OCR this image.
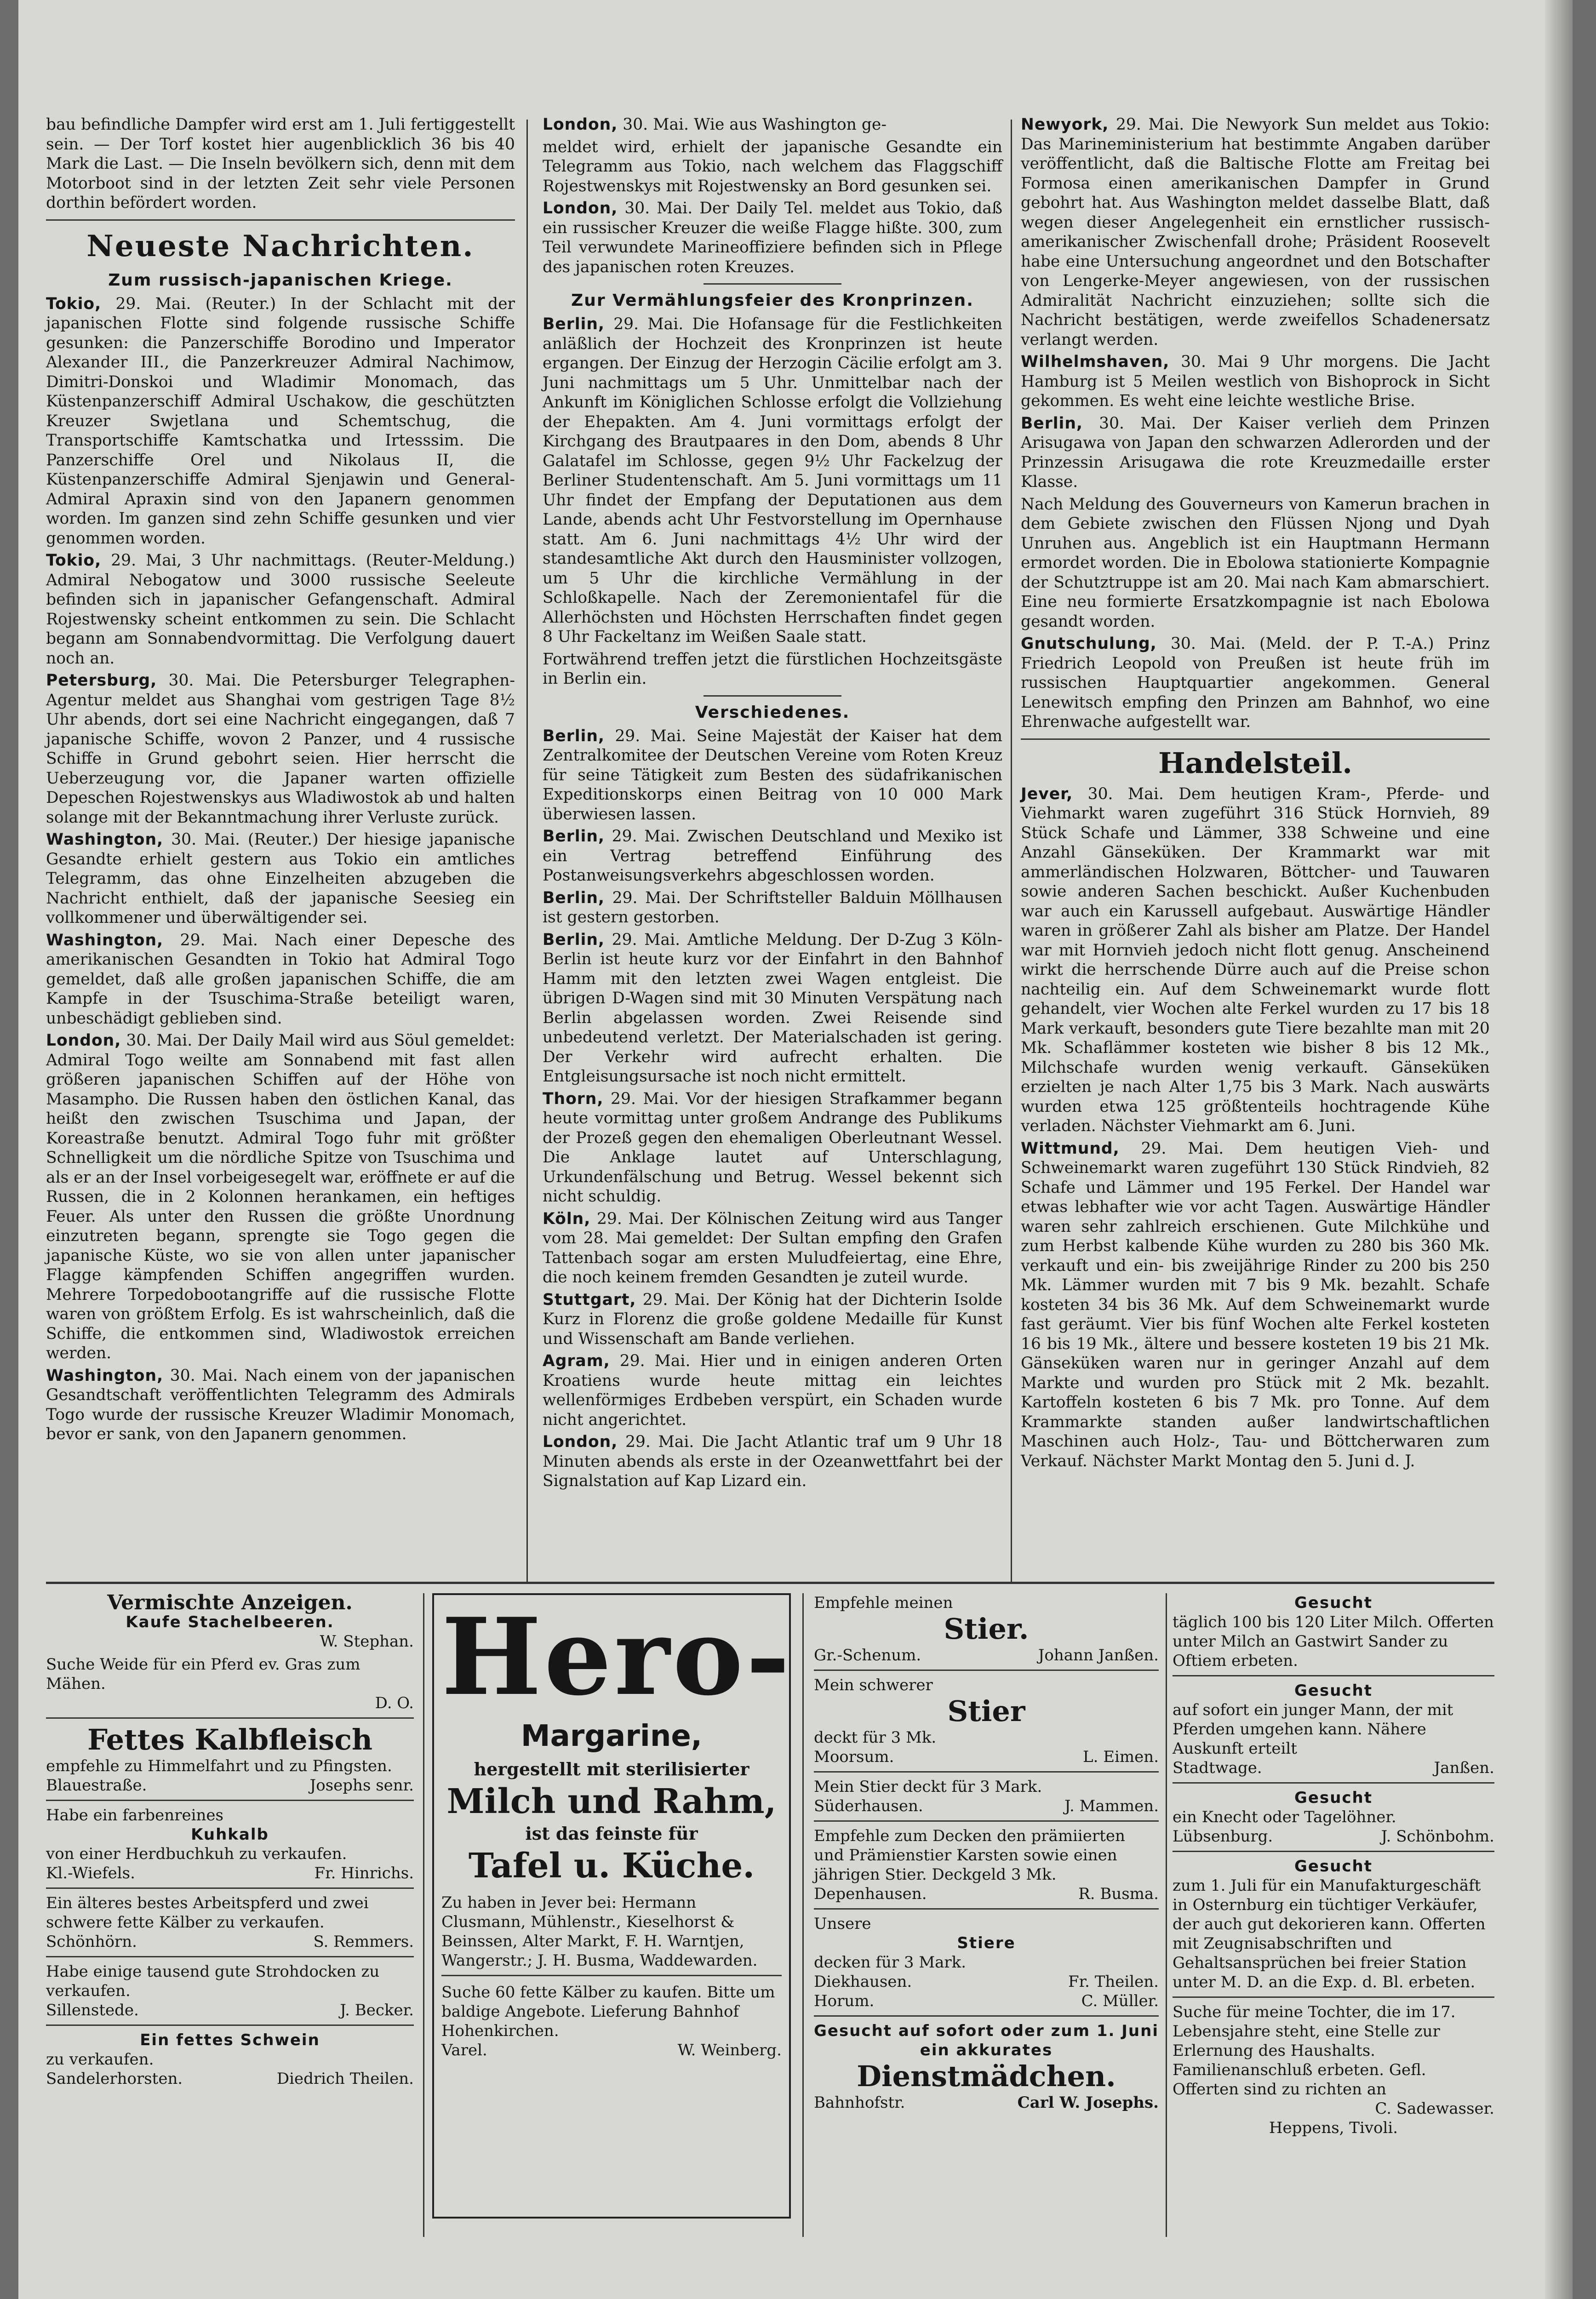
bau befindliche Dampfer wird erst am 1. Juli fertiggestellt sein. — Der Torf kostet hier augenblicklich 36 bis 40 Mark die Last. — Die Inseln bevölkern sich, denn mit dem Motorboot sind in der letzten Zeit sehr viele Personen dorthin befördert worden.

Neueste Nachrichten.
Zum russisch-japanischen Kriege.

Tokio, 29. Mai. (Reuter.) In der Schlacht mit der japanischen Flotte sind folgende russische Schiffe gesunken: die Panzerschiffe Borodino und Imperator Alexander III., die Panzerkreuzer Admiral Nachimow, Dimitri-Donskoi und Wladimir Monomach, das Küstenpanzerschiff Admiral Uschakow, die geschützten Kreuzer Swjetlana und Schemtschug, die Transportschiffe Kamtschatka und Irtesssim. Die Panzerschiffe Orel und Nikolaus II, die Küstenpanzerschiffe Admiral Sjenjawin und General-Admiral Apraxin sind von den Japanern genommen worden. Im ganzen sind zehn Schiffe gesunken und vier genommen worden.

Tokio, 29. Mai, 3 Uhr nachmittags. (Reuter-Meldung.) Admiral Nebogatow und 3000 russische Seeleute befinden sich in japanischer Gefangenschaft. Admiral Rojestwensky scheint entkommen zu sein. Die Schlacht begann am Sonnabendvormittag. Die Verfolgung dauert noch an.

Petersburg, 30. Mai. Die Petersburger Telegraphen-Agentur meldet aus Shanghai vom gestrigen Tage 8½ Uhr abends, dort sei eine Nachricht eingegangen, daß 7 japanische Schiffe, wovon 2 Panzer, und 4 russische Schiffe in Grund gebohrt seien. Hier herrscht die Ueberzeugung vor, die Japaner warten offizielle Depeschen Rojestwenskys aus Wladiwostok ab und halten solange mit der Bekanntmachung ihrer Verluste zurück.

Washington, 30. Mai. (Reuter.) Der hiesige japanische Gesandte erhielt gestern aus Tokio ein amtliches Telegramm, das ohne Einzelheiten abzugeben die Nachricht enthielt, daß der japanische Seesieg ein vollkommener und überwältigender sei.

Washington, 29. Mai. Nach einer Depesche des amerikanischen Gesandten in Tokio hat Admiral Togo gemeldet, daß alle großen japanischen Schiffe, die am Kampfe in der Tsuschima-Straße beteiligt waren, unbeschädigt geblieben sind.

London, 30. Mai. Der Daily Mail wird aus Söul gemeldet: Admiral Togo weilte am Sonnabend mit fast allen größeren japanischen Schiffen auf der Höhe von Masampho. Die Russen haben den östlichen Kanal, das heißt den zwischen Tsuschima und Japan, der Koreastraße benutzt. Admiral Togo fuhr mit größter Schnelligkeit um die nördliche Spitze von Tsuschima und als er an der Insel vorbeigesegelt war, eröffnete er auf die Russen, die in 2 Kolonnen herankamen, ein heftiges Feuer. Als unter den Russen die größte Unordnung einzutreten begann, sprengte sie Togo gegen die japanische Küste, wo sie von allen unter japanischer Flagge kämpfenden Schiffen angegriffen wurden. Mehrere Torpedobootangriffe auf die russische Flotte waren von größtem Erfolg. Es ist wahrscheinlich, daß die Schiffe, die entkommen sind, Wladiwostok erreichen werden.

Washington, 30. Mai. Nach einem von der japanischen Gesandtschaft veröffentlichten Telegramm des Admirals Togo wurde der russische Kreuzer Wladimir Monomach, bevor er sank, von den Japanern genommen.

London, 30. Mai. Wie aus Washington ge-

meldet wird, erhielt der japanische Gesandte ein Telegramm aus Tokio, nach welchem das Flaggschiff Rojestwenskys mit Rojestwensky an Bord gesunken sei.

London, 30. Mai. Der Daily Tel. meldet aus Tokio, daß ein russischer Kreuzer die weiße Flagge hißte. 300, zum Teil verwundete Marineoffiziere befinden sich in Pflege des japanischen roten Kreuzes.

Zur Vermählungsfeier des Kronprinzen.

Berlin, 29. Mai. Die Hofansage für die Festlichkeiten anläßlich der Hochzeit des Kronprinzen ist heute ergangen. Der Einzug der Herzogin Cäcilie erfolgt am 3. Juni nachmittags um 5 Uhr. Unmittelbar nach der Ankunft im Königlichen Schlosse erfolgt die Vollziehung der Ehepakten. Am 4. Juni vormittags erfolgt der Kirchgang des Brautpaares in den Dom, abends 8 Uhr Galatafel im Schlosse, gegen 9½ Uhr Fackelzug der Berliner Studentenschaft. Am 5. Juni vormittags um 11 Uhr findet der Empfang der Deputationen aus dem Lande, abends acht Uhr Festvorstellung im Opernhause statt. Am 6. Juni nachmittags 4½ Uhr wird der standesamtliche Akt durch den Hausminister vollzogen, um 5 Uhr die kirchliche Vermählung in der Schloßkapelle. Nach der Zeremonientafel für die Allerhöchsten und Höchsten Herrschaften findet gegen 8 Uhr Fackeltanz im Weißen Saale statt.

Fortwährend treffen jetzt die fürstlichen Hochzeitsgäste in Berlin ein.

Verschiedenes.

Berlin, 29. Mai. Seine Majestät der Kaiser hat dem Zentralkomitee der Deutschen Vereine vom Roten Kreuz für seine Tätigkeit zum Besten des südafrikanischen Expeditionskorps einen Beitrag von 10 000 Mark überwiesen lassen.

Berlin, 29. Mai. Zwischen Deutschland und Mexiko ist ein Vertrag betreffend Einführung des Postanweisungsverkehrs abgeschlossen worden.

Berlin, 29. Mai. Der Schriftsteller Balduin Möllhausen ist gestern gestorben.

Berlin, 29. Mai. Amtliche Meldung. Der D-Zug 3 Köln-Berlin ist heute kurz vor der Einfahrt in den Bahnhof Hamm mit den letzten zwei Wagen entgleist. Die übrigen D-Wagen sind mit 30 Minuten Verspätung nach Berlin abgelassen worden. Zwei Reisende sind unbedeutend verletzt. Der Materialschaden ist gering. Der Verkehr wird aufrecht erhalten. Die Entgleisungsursache ist noch nicht ermittelt.

Thorn, 29. Mai. Vor der hiesigen Strafkammer begann heute vormittag unter großem Andrange des Publikums der Prozeß gegen den ehemaligen Oberleutnant Wessel. Die Anklage lautet auf Unterschlagung, Urkundenfälschung und Betrug. Wessel bekennt sich nicht schuldig.

Köln, 29. Mai. Der Kölnischen Zeitung wird aus Tanger vom 28. Mai gemeldet: Der Sultan empfing den Grafen Tattenbach sogar am ersten Muludfeiertag, eine Ehre, die noch keinem fremden Gesandten je zuteil wurde.

Stuttgart, 29. Mai. Der König hat der Dichterin Isolde Kurz in Florenz die große goldene Medaille für Kunst und Wissenschaft am Bande verliehen.

Agram, 29. Mai. Hier und in einigen anderen Orten Kroatiens wurde heute mittag ein leichtes wellenförmiges Erdbeben verspürt, ein Schaden wurde nicht angerichtet.

London, 29. Mai. Die Jacht Atlantic traf um 9 Uhr 18 Minuten abends als erste in der Ozeanwettfahrt bei der Signalstation auf Kap Lizard ein.

Newyork, 29. Mai. Die Newyork Sun meldet aus Tokio: Das Marineministerium hat bestimmte Angaben darüber veröffentlicht, daß die Baltische Flotte am Freitag bei Formosa einen amerikanischen Dampfer in Grund gebohrt hat. Aus Washington meldet dasselbe Blatt, daß wegen dieser Angelegenheit ein ernstlicher russisch-amerikanischer Zwischenfall drohe; Präsident Roosevelt habe eine Untersuchung angeordnet und den Botschafter von Lengerke-Meyer angewiesen, von der russischen Admiralität Nachricht einzuziehen; sollte sich die Nachricht bestätigen, werde zweifellos Schadenersatz verlangt werden.

Wilhelmshaven, 30. Mai 9 Uhr morgens. Die Jacht Hamburg ist 5 Meilen westlich von Bishoprock in Sicht gekommen. Es weht eine leichte westliche Brise.

Berlin, 30. Mai. Der Kaiser verlieh dem Prinzen Arisugawa von Japan den schwarzen Adlerorden und der Prinzessin Arisugawa die rote Kreuzmedaille erster Klasse.

Nach Meldung des Gouverneurs von Kamerun brachen in dem Gebiete zwischen den Flüssen Njong und Dyah Unruhen aus. Angeblich ist ein Hauptmann Hermann ermordet worden. Die in Ebolowa stationierte Kompagnie der Schutztruppe ist am 20. Mai nach Kam abmarschiert. Eine neu formierte Ersatzkompagnie ist nach Ebolowa gesandt worden.

Gnutschulung, 30. Mai. (Meld. der P. T.-A.) Prinz Friedrich Leopold von Preußen ist heute früh im russischen Hauptquartier angekommen. General Lenewitsch empfing den Prinzen am Bahnhof, wo eine Ehrenwache aufgestellt war.

Handelsteil.

Jever, 30. Mai. Dem heutigen Kram-, Pferde- und Viehmarkt waren zugeführt 316 Stück Hornvieh, 89 Stück Schafe und Lämmer, 338 Schweine und eine Anzahl Gänseküken. Der Krammarkt war mit ammerländischen Holzwaren, Böttcher- und Tauwaren sowie anderen Sachen beschickt. Außer Kuchenbuden war auch ein Karussell aufgebaut. Auswärtige Händler waren in größerer Zahl als bisher am Platze. Der Handel war mit Hornvieh jedoch nicht flott genug. Anscheinend wirkt die herrschende Dürre auch auf die Preise schon nachteilig ein. Auf dem Schweinemarkt wurde flott gehandelt, vier Wochen alte Ferkel wurden zu 17 bis 18 Mark verkauft, besonders gute Tiere bezahlte man mit 20 Mk. Schaflämmer kosteten wie bisher 8 bis 12 Mk., Milchschafe wurden wenig verkauft. Gänseküken erzielten je nach Alter 1,75 bis 3 Mark. Nach auswärts wurden etwa 125 größtenteils hochtragende Kühe verladen. Nächster Viehmarkt am 6. Juni.

Wittmund, 29. Mai. Dem heutigen Vieh- und Schweinemarkt waren zugeführt 130 Stück Rindvieh, 82 Schafe und Lämmer und 195 Ferkel. Der Handel war etwas lebhafter wie vor acht Tagen. Auswärtige Händler waren sehr zahlreich erschienen. Gute Milchkühe und zum Herbst kalbende Kühe wurden zu 280 bis 360 Mk. verkauft und ein- bis zweijährige Rinder zu 200 bis 250 Mk. Lämmer wurden mit 7 bis 9 Mk. bezahlt. Schafe kosteten 34 bis 36 Mk. Auf dem Schweinemarkt wurde fast geräumt. Vier bis fünf Wochen alte Ferkel kosteten 16 bis 19 Mk., ältere und bessere kosteten 19 bis 21 Mk. Gänseküken waren nur in geringer Anzahl auf dem Markte und wurden pro Stück mit 2 Mk. bezahlt. Kartoffeln kosteten 6 bis 7 Mk. pro Tonne. Auf dem Krammarkte standen außer landwirtschaftlichen Maschinen auch Holz-, Tau- und Böttcherwaren zum Verkauf. Nächster Markt Montag den 5. Juni d. J.

Vermischte Anzeigen.
Kaufe Stachelbeeren.
W. Stephan.
Suche Weide für ein Pferd ev. Gras zum Mähen.
D. O.
Fettes Kalbfleisch
empfehle zu Himmelfahrt und zu Pfingsten.
Blauestraße.	Josephs senr.
Habe ein farbenreines
Kuhkalb
von einer Herdbuchkuh zu verkaufen.
Kl.-Wiefels.	Fr. Hinrichs.
Ein älteres bestes Arbeitspferd und zwei schwere fette Kälber zu verkaufen.
Schönhörn.	S. Remmers.
Habe einige tausend gute Strohdocken zu verkaufen.
Sillenstede.	J. Becker.
Ein fettes Schwein
zu verkaufen.
Sandelerhorsten.	Diedrich Theilen.
Hero-
Margarine,
hergestellt mit sterilisierter
Milch und Rahm,
ist das feinste für
Tafel u. Küche.
Zu haben in Jever bei: Hermann Clusmann, Mühlenstr., Kieselhorst & Beinssen, Alter Markt, F. H. Warntjen, Wangerstr.; J. H. Busma, Waddewarden.
Suche 60 fette Kälber zu kaufen. Bitte um baldige Angebote. Lieferung Bahnhof Hohenkirchen.
Varel.	W. Weinberg.
Empfehle meinen
Stier.
Gr.-Schenum.	Johann Janßen.
Mein schwerer
Stier
deckt für 3 Mk.
Moorsum.	L. Eimen.
Mein Stier deckt für 3 Mark.
Süderhausen.	J. Mammen.
Empfehle zum Decken den prämiierten und Prämienstier Karsten sowie einen jährigen Stier. Deckgeld 3 Mk.
Depenhausen.	R. Busma.
Unsere
Stiere
decken für 3 Mark.
Diekhausen.	Fr. Theilen.
Horum.	C. Müller.
Gesucht auf sofort oder zum 1. Juni ein akkurates
Dienstmädchen.
Bahnhofstr.	Carl W. Josephs.
Gesucht
täglich 100 bis 120 Liter Milch. Offerten unter Milch an Gastwirt Sander zu Oftiem erbeten.
Gesucht
auf sofort ein junger Mann, der mit Pferden umgehen kann. Nähere Auskunft erteilt
Stadtwage.	Janßen.
Gesucht
ein Knecht oder Tagelöhner.
Lübsenburg.	J. Schönbohm.
Gesucht
zum 1. Juli für ein Manufakturgeschäft in Osternburg ein tüchtiger Verkäufer, der auch gut dekorieren kann. Offerten mit Zeugnisabschriften und Gehaltsansprüchen bei freier Station unter M. D. an die Exp. d. Bl. erbeten.
Suche für meine Tochter, die im 17. Lebensjahre steht, eine Stelle zur Erlernung des Haushalts. Familienanschluß erbeten. Gefl. Offerten sind zu richten an
C. Sadewasser.
Heppens, Tivoli.
